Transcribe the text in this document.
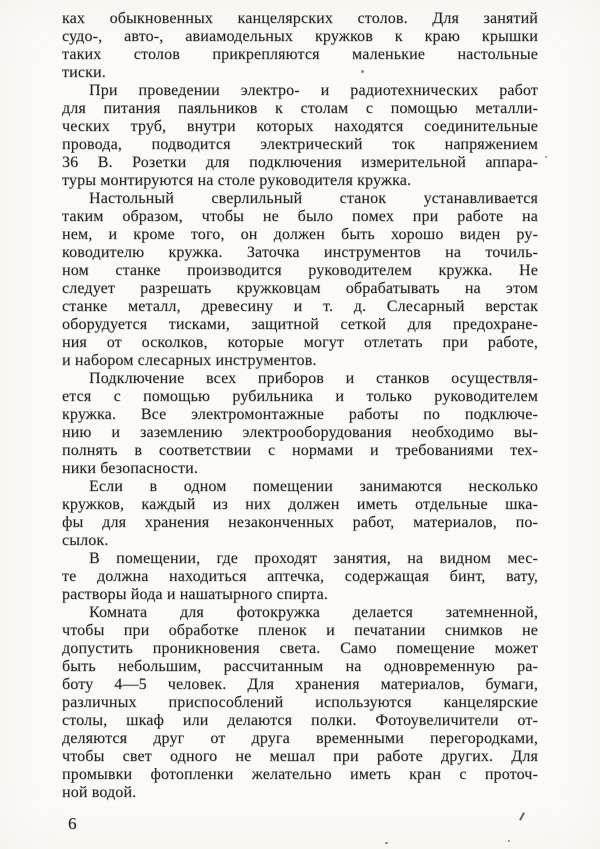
ках обыкновенных канцелярских столов. Для занятий
судо-, авто-, авиамодельных кружков к краю крышки
таких столов прикрепляются маленькие настольные
тиски.
При проведении электро- и радиотехнических работ
для питания паяльников к столам с помощью металли-
ческих труб, внутри которых находятся соединительные
провода, подводится электрический ток напряжением
36 В. Розетки для подключения измерительной аппара-
туры монтируются на столе руководителя кружка.
Настольный сверлильный станок устанавливается
таким образом, чтобы не было помех при работе на
нем, и кроме того, он должен быть хорошо виден ру-
ководителю кружка. Заточка инструментов на точиль-
ном станке производится руководителем кружка. Не
следует разрешать кружковцам обрабатывать на этом
станке металл, древесину и т. д. Слесарный верстак
оборудуется тисками, защитной сеткой для предохране-
ния от осколков, которые могут отлетать при работе,
и набором слесарных инструментов.
Подключение всех приборов и станков осуществля-
ется с помощью рубильника и только руководителем
кружка. Все электромонтажные работы по подключе-
нию и заземлению электрооборудования необходимо вы-
полнять в соответствии с нормами и требованиями тех-
ники безопасности.
Если в одном помещении занимаются несколько
кружков, каждый из них должен иметь отдельные шка-
фы для хранения незаконченных работ, материалов, по-
сылок.
В помещении, где проходят занятия, на видном мес-
те должна находиться аптечка, содержащая бинт, вату,
растворы йода и нашатырного спирта.
Комната для фотокружка делается затемненной,
чтобы при обработке пленок и печатании снимков не
допустить проникновения света. Само помещение может
быть небольшим, рассчитанным на одновременную ра-
боту 4—5 человек. Для хранения материалов, бумаги,
различных приспособлений используются канцелярские
столы, шкаф или делаются полки. Фотоувеличители от-
деляются друг от друга временными перегородками,
чтобы свет одного не мешал при работе других. Для
промывки фотопленки желательно иметь кран с проточ-
ной водой.
6
